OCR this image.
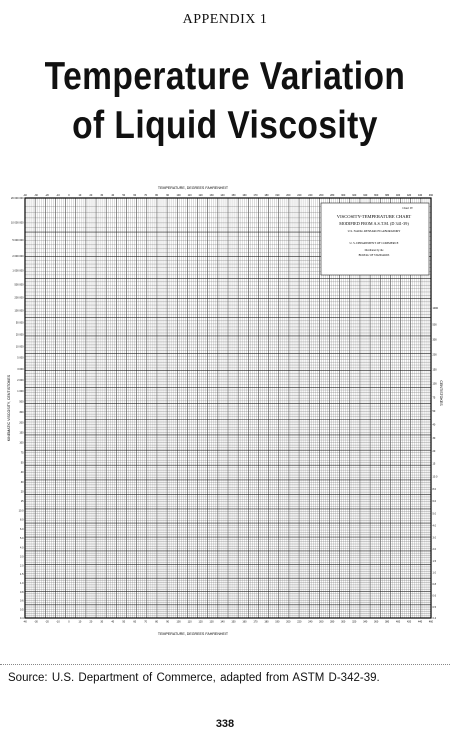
APPENDIX 1
Temperature Variation
of Liquid Viscosity
-40	-30	-20	-10	0	10	20	30	40	50	60	70	80	90	100	110	120	130	140	150	160	170	180	190	200	220	240	260	280	300	320	340	360	380	400	420	440	460
-40	-30	-20	-10	0	10	20	30	40	50	60	70	80	90	100	110	120	130	140	150	160	170	180	190	200	220	240	260	280	300	320	340	360	380	400	420	440	460
20 000 000
10 000 000
5 000 000
2 000 000
1 000 000
500 000
200 000
100 000
50 000
20 000
10 000
5 000
3 000
2 000
1 000
500
300
200
150
100
75
50
40
30
20
15
10.0
8.0
6.0
5.0
4.0
3.0
2.0
1.5
1.0
0.8
0.6
0.5
0.4
1000
500
300
200
150
100
75
50
40
30
20
15
10.0
8.0
6.0
5.0
4.0
3.0
2.0
1.5
1.0
0.8
0.6
0.5
0.4
TEMPERATURE, DEGREES FAHRENHEIT
TEMPERATURE, DEGREES FAHRENHEIT
KINEMATIC VISCOSITY, CENTISTOKES	CENTISTOKES
Chart IV
VISCOSITY-TEMPERATURE CHART
MODIFIED FROM A.S.T.M. (D 341-39)
U.S. NAVAL RESEARCH LABORATORY
U. S. DEPARTMENT OF COMMERCE
Distributed by the
BUREAU OF STANDARDS
Source: U.S. Department of Commerce, adapted from ASTM D-342-39.
338
